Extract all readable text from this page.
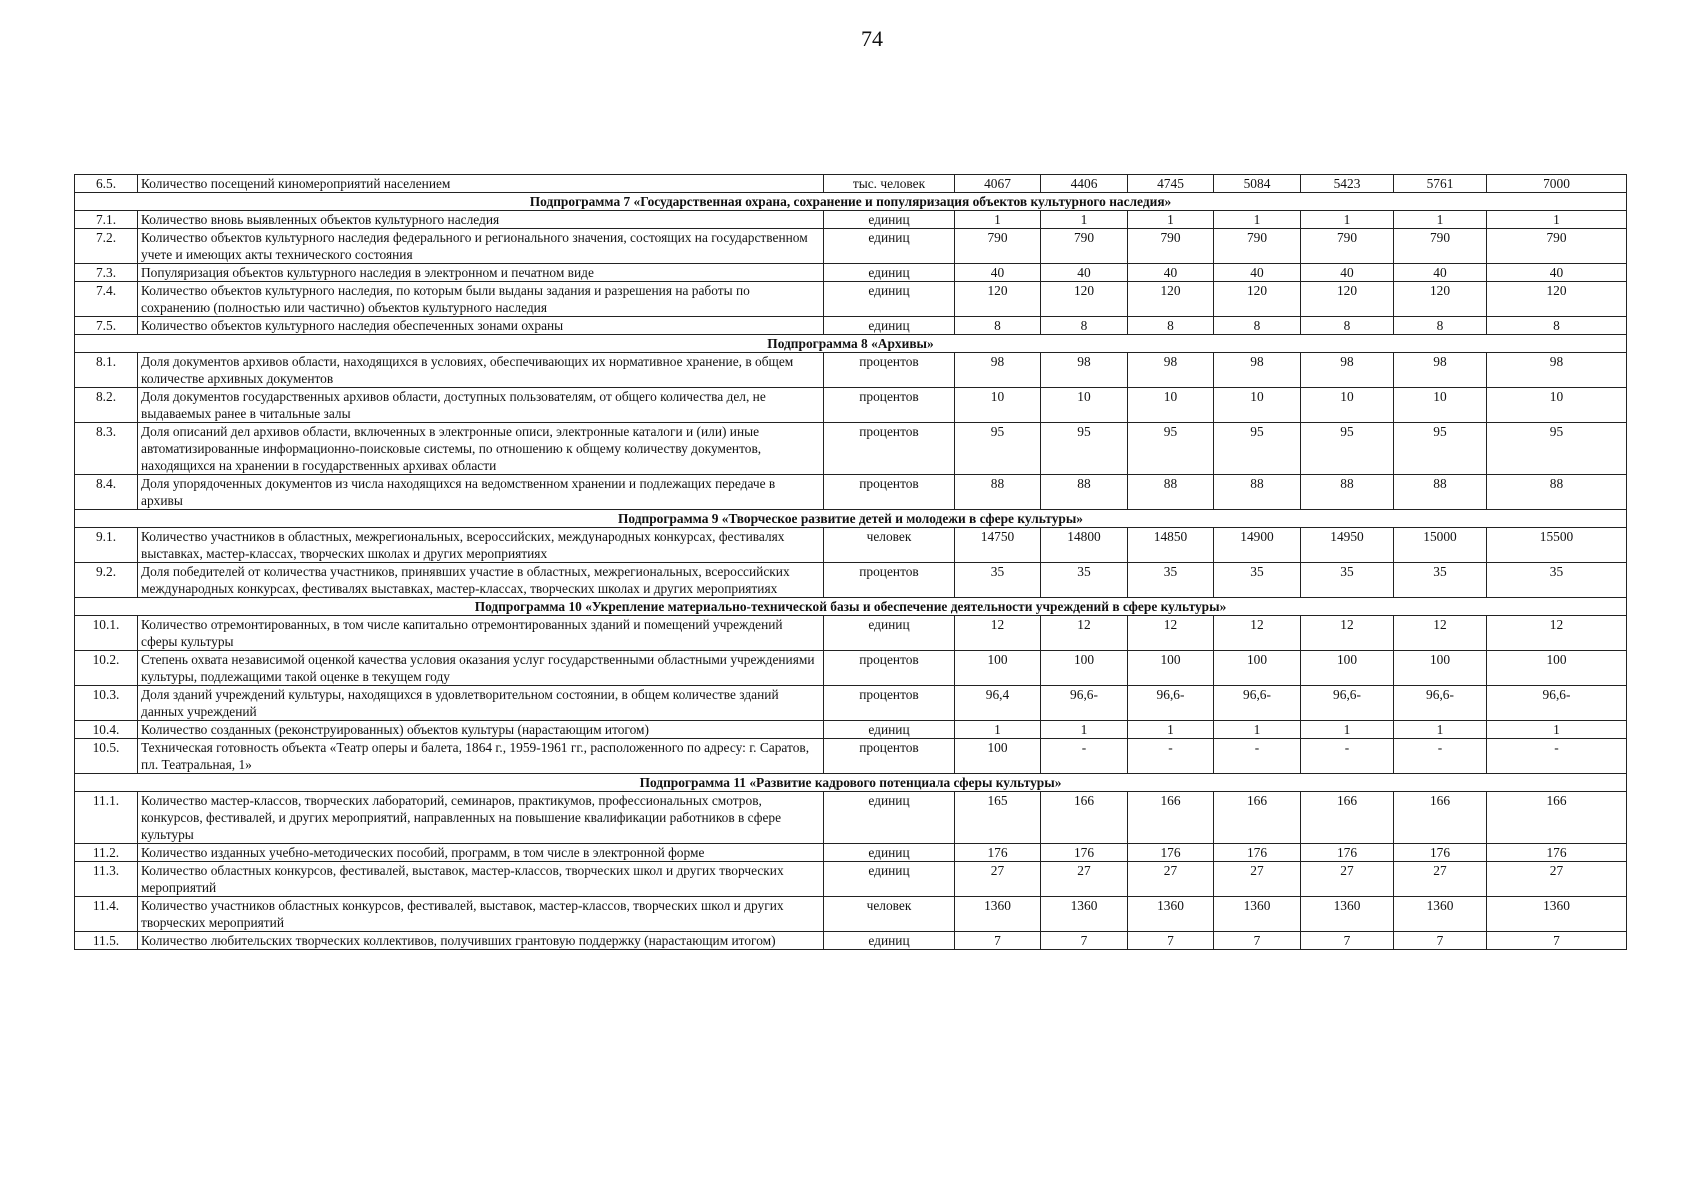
74
6.5.	Количество посещений киномероприятий населением	тыс. человек	4067	4406	4745	5084	5423	5761	7000
Подпрограмма 7 «Государственная охрана, сохранение и популяризация объектов культурного наследия»									
7.1.	Количество вновь выявленных объектов культурного наследия	единиц	1	1	1	1	1	1	1
7.2.	Количество объектов культурного наследия федерального и регионального значения, состоящих на государственном учете и имеющих акты технического состояния	единиц	790	790	790	790	790	790	790
7.3.	Популяризация объектов культурного наследия в электронном и печатном виде	единиц	40	40	40	40	40	40	40
7.4.	Количество объектов культурного наследия, по которым были выданы задания и разрешения на работы по сохранению (полностью или частично) объектов культурного наследия	единиц	120	120	120	120	120	120	120
7.5.	Количество объектов культурного наследия обеспеченных зонами охраны	единиц	8	8	8	8	8	8	8
Подпрограмма 8 «Архивы»									
8.1.	Доля документов архивов области, находящихся в условиях, обеспечивающих их нормативное хранение, в общем количестве архивных документов	процентов	98	98	98	98	98	98	98
8.2.	Доля документов государственных архивов области, доступных пользователям, от общего количества дел, не выдаваемых ранее в читальные залы	процентов	10	10	10	10	10	10	10
8.3.	Доля описаний дел архивов области, включенных в электронные описи, электронные каталоги и (или) иные автоматизированные информационно-поисковые системы, по отношению к общему количеству документов, находящихся на хранении в государственных архивах области	процентов	95	95	95	95	95	95	95
8.4.	Доля упорядоченных документов из числа находящихся на ведомственном хранении и подлежащих передаче в архивы	процентов	88	88	88	88	88	88	88
Подпрограмма 9 «Творческое развитие детей и молодежи в сфере культуры»									
9.1.	Количество участников в областных, межрегиональных, всероссийских, международных конкурсах, фестивалях выставках, мастер-классах, творческих школах и других мероприятиях	человек	14750	14800	14850	14900	14950	15000	15500
9.2.	Доля победителей от количества участников, принявших участие в областных, межрегиональных, всероссийских международных конкурсах, фестивалях выставках, мастер-классах, творческих школах и других мероприятиях	процентов	35	35	35	35	35	35	35
Подпрограмма 10 «Укрепление материально-технической базы и обеспечение деятельности учреждений в сфере культуры»									
10.1.	Количество отремонтированных, в том числе капитально отремонтированных зданий и помещений учреждений сферы культуры	единиц	12	12	12	12	12	12	12
10.2.	Степень охвата независимой оценкой качества условия оказания услуг государственными областными учреждениями культуры, подлежащими такой оценке в текущем году	процентов	100	100	100	100	100	100	100
10.3.	Доля зданий учреждений культуры, находящихся в удовлетворительном состоянии, в общем количестве зданий данных учреждений	процентов	96,4	96,6-	96,6-	96,6-	96,6-	96,6-	96,6-
10.4.	Количество созданных (реконструированных) объектов культуры (нарастающим итогом)	единиц	1	1	1	1	1	1	1
10.5.	Техническая готовность объекта «Театр оперы и балета, 1864 г., 1959-1961 гг., расположенного по адресу: г. Саратов, пл. Театральная, 1»	процентов	100	-	-	-	-	-	-
Подпрограмма 11 «Развитие кадрового потенциала сферы культуры»									
11.1.	Количество мастер-классов, творческих лабораторий, семинаров, практикумов, профессиональных смотров, конкурсов, фестивалей, и других мероприятий, направленных на повышение квалификации работников в сфере культуры	единиц	165	166	166	166	166	166	166
11.2.	Количество изданных учебно-методических пособий, программ, в том числе в электронной форме	единиц	176	176	176	176	176	176	176
11.3.	Количество областных конкурсов, фестивалей, выставок, мастер-классов, творческих школ и других творческих мероприятий	единиц	27	27	27	27	27	27	27
11.4.	Количество участников областных конкурсов, фестивалей, выставок, мастер-классов, творческих школ и других творческих мероприятий	человек	1360	1360	1360	1360	1360	1360	1360
11.5.	Количество любительских творческих коллективов, получивших грантовую поддержку (нарастающим итогом)	единиц	7	7	7	7	7	7	7
